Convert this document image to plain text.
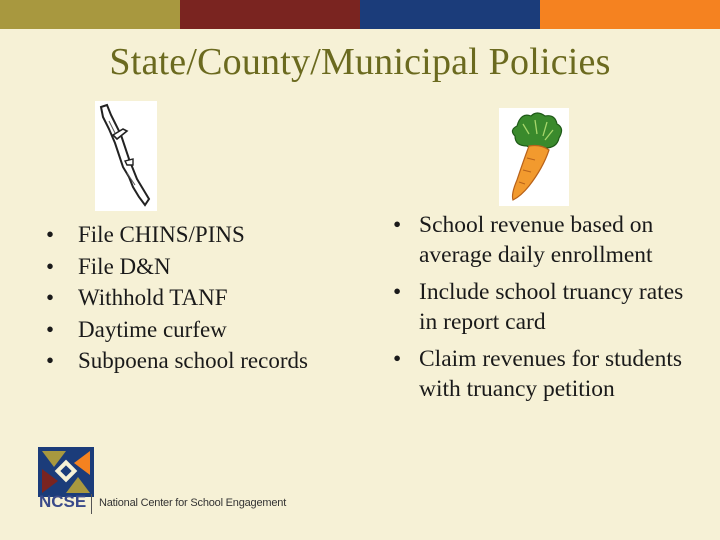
State/County/Municipal Policies
• File CHINS/PINS
• File D&N
• Withhold TANF
• Daytime curfew
• Subpoena school records
• School revenue based on average daily enrollment
• Include school truancy rates in report card
• Claim revenues for students with truancy petition
NCSE National Center for School Engagement
